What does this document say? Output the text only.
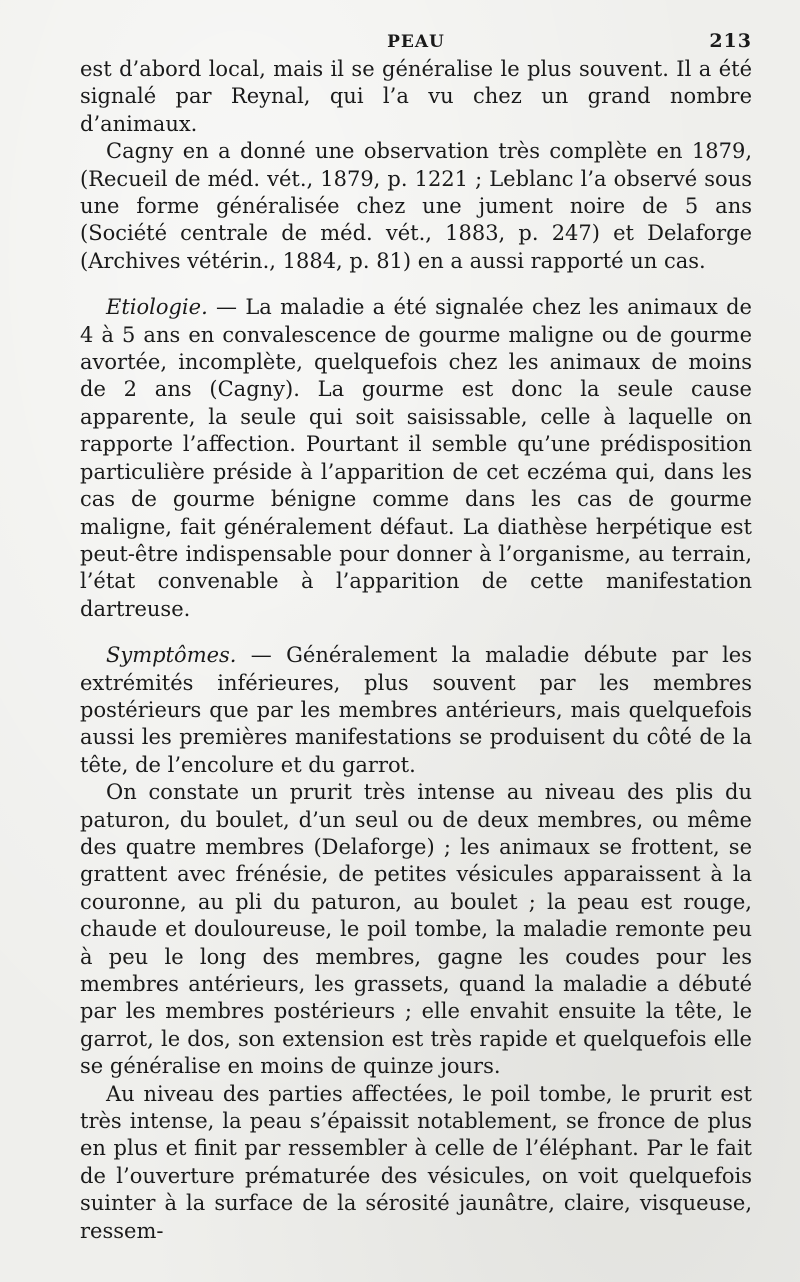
PEAU	213

est d’abord local, mais il se généralise le plus souvent. Il a été signalé par Reynal, qui l’a vu chez un grand nombre d’animaux.

Cagny en a donné une observation très complète en 1879, (Recueil de méd. vét., 1879, p. 1221 ; Leblanc l’a observé sous une forme généralisée chez une jument noire de 5 ans (Société centrale de méd. vét., 1883, p. 247) et Delaforge (Archives vétérin., 1884, p. 81) en a aussi rapporté un cas.

Etiologie. — La maladie a été signalée chez les animaux de 4 à 5 ans en convalescence de gourme maligne ou de gourme avortée, incomplète, quelquefois chez les animaux de moins de 2 ans (Cagny). La gourme est donc la seule cause apparente, la seule qui soit saisissable, celle à laquelle on rapporte l’affection. Pourtant il semble qu’une prédisposition particulière préside à l’apparition de cet eczéma qui, dans les cas de gourme bénigne comme dans les cas de gourme maligne, fait généralement défaut. La diathèse herpétique est peut-être indispensable pour donner à l’organisme, au terrain, l’état convenable à l’apparition de cette manifestation dartreuse.

Symptômes. — Généralement la maladie débute par les extrémités inférieures, plus souvent par les membres postérieurs que par les membres antérieurs, mais quelquefois aussi les premières manifestations se produisent du côté de la tête, de l’encolure et du garrot.

On constate un prurit très intense au niveau des plis du paturon, du boulet, d’un seul ou de deux membres, ou même des quatre membres (Delaforge) ; les animaux se frottent, se grattent avec frénésie, de petites vésicules apparaissent à la couronne, au pli du paturon, au boulet ; la peau est rouge, chaude et douloureuse, le poil tombe, la maladie remonte peu à peu le long des membres, gagne les coudes pour les membres antérieurs, les grassets, quand la maladie a débuté par les membres postérieurs ; elle envahit ensuite la tête, le garrot, le dos, son extension est très rapide et quelquefois elle se généralise en moins de quinze jours.

Au niveau des parties affectées, le poil tombe, le prurit est très intense, la peau s’épaissit notablement, se fronce de plus en plus et finit par ressembler à celle de l’éléphant. Par le fait de l’ouverture prématurée des vésicules, on voit quelquefois suinter à la surface de la sérosité jaunâtre, claire, visqueuse, ressem-
